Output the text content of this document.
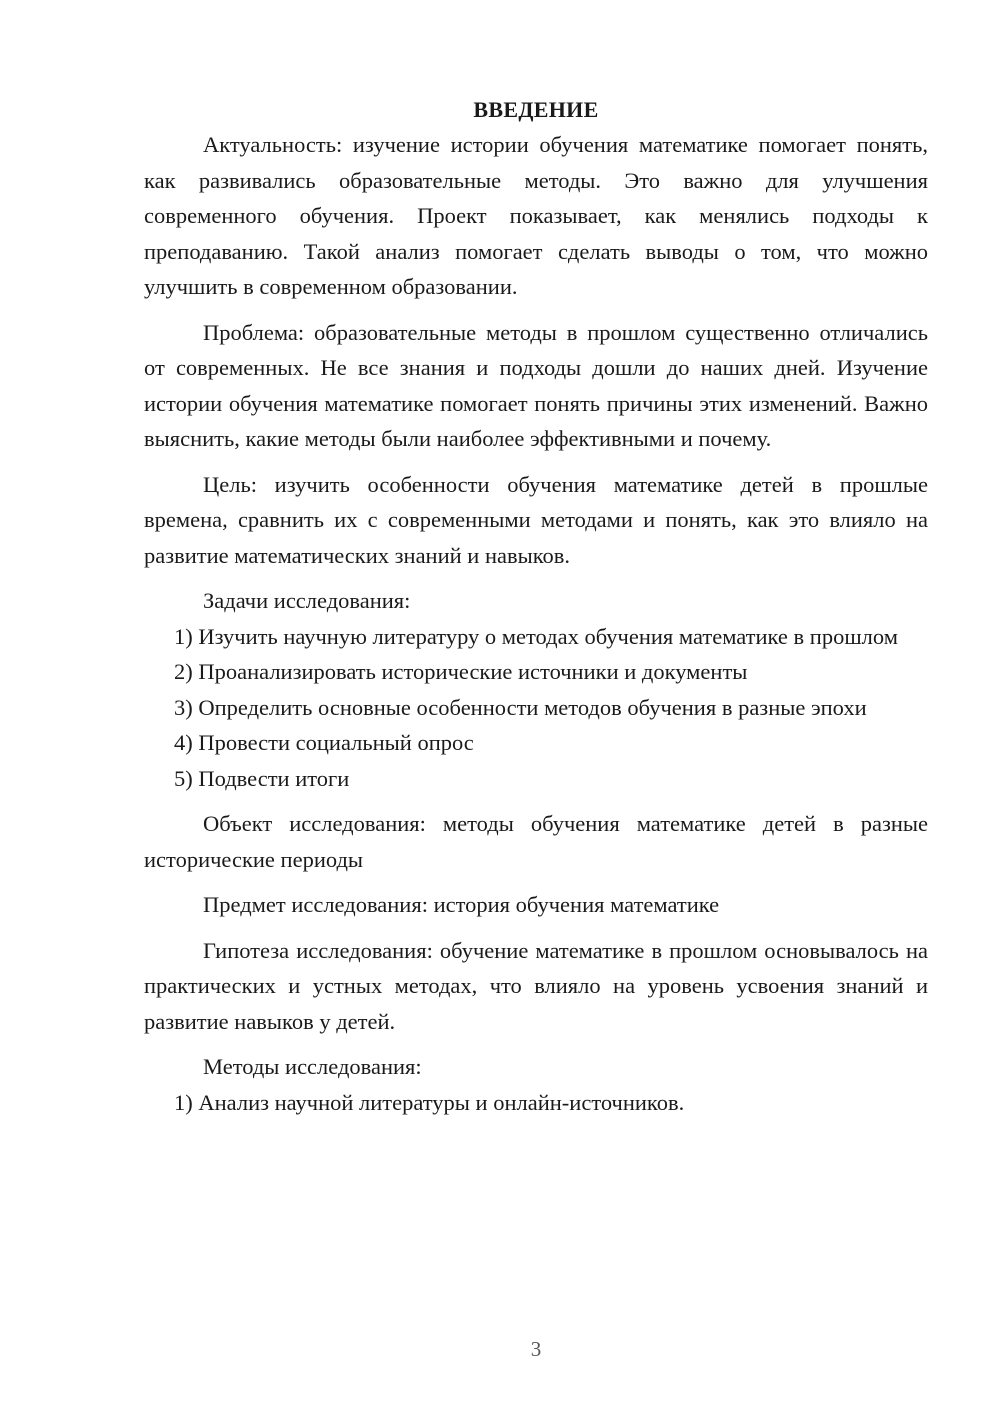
ВВЕДЕНИЕ

Актуальность: изучение истории обучения математике помогает понять, как развивались образовательные методы. Это важно для улучшения современного обучения. Проект показывает, как менялись подходы к преподаванию. Такой анализ помогает сделать выводы о том, что можно улучшить в современном образовании.

Проблема: образовательные методы в прошлом существенно отличались от современных. Не все знания и подходы дошли до наших дней. Изучение истории обучения математике помогает понять причины этих изменений. Важно выяснить, какие методы были наиболее эффективными и почему.

Цель: изучить особенности обучения математике детей в прошлые времена, сравнить их с современными методами и понять, как это влияло на развитие математических знаний и навыков.

Задачи исследования:

1) Изучить научную литературу о методах обучения математике в прошлом

2) Проанализировать исторические источники и документы

3) Определить основные особенности методов обучения в разные эпохи

4) Провести социальный опрос

5) Подвести итоги

Объект исследования: методы обучения математике детей в разные исторические периоды

Предмет исследования: история обучения математике

Гипотеза исследования: обучение математике в прошлом основывалось на практических и устных методах, что влияло на уровень усвоения знаний и развитие навыков у детей.

Методы исследования:

1) Анализ научной литературы и онлайн-источников.

3
